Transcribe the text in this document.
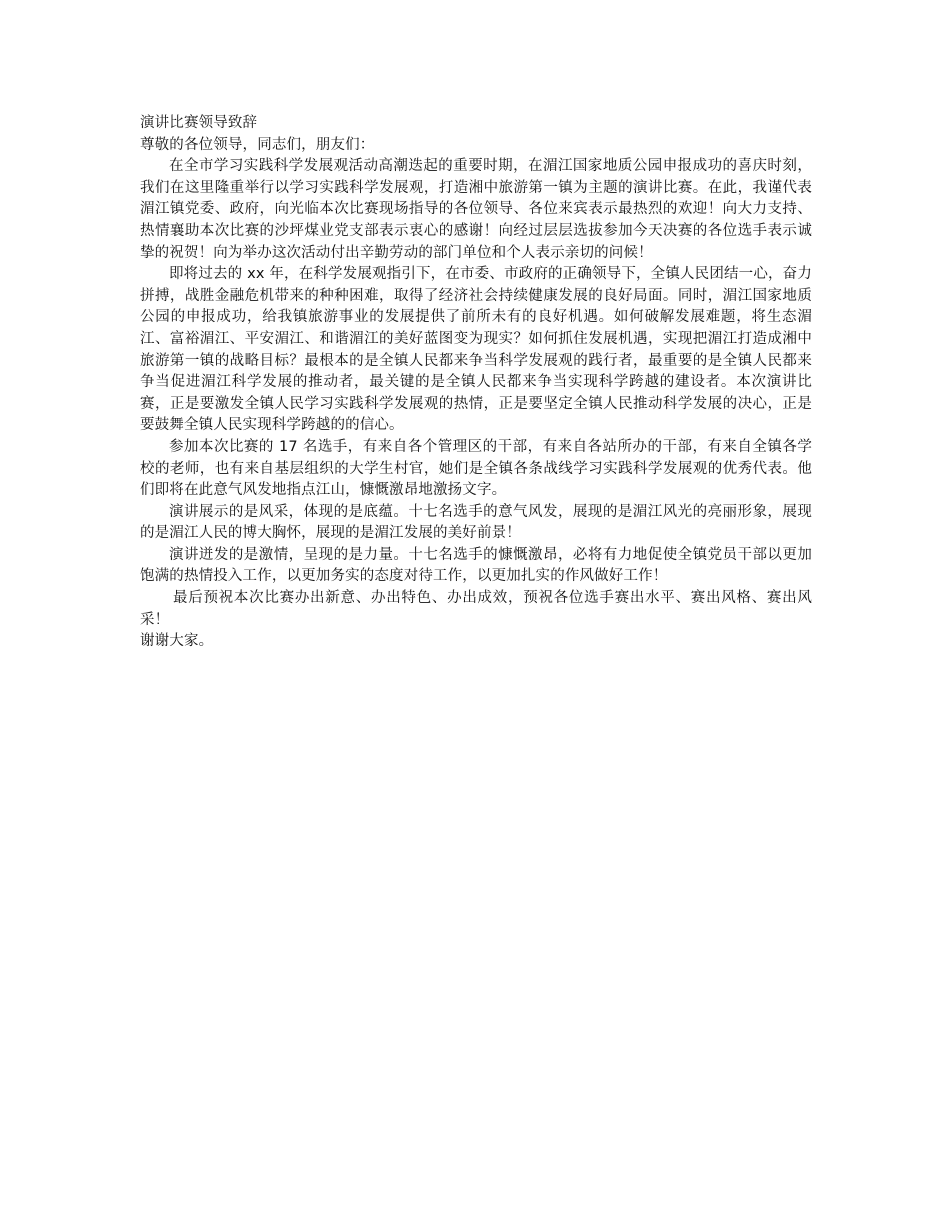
演讲比赛领导致辞

尊敬的各位领导，同志们，朋友们：

在全市学习实践科学发展观活动高潮迭起的重要时期，在湄江国家地质公园申报成功的喜庆时刻，我们在这里隆重举行以学习实践科学发展观，打造湘中旅游第一镇为主题的演讲比赛。在此，我谨代表湄江镇党委、政府，向光临本次比赛现场指导的各位领导、各位来宾表示最热烈的欢迎！向大力支持、热情襄助本次比赛的沙坪煤业党支部表示衷心的感谢！向经过层层选拔参加今天决赛的各位选手表示诚挚的祝贺！向为举办这次活动付出辛勤劳动的部门单位和个人表示亲切的问候！

即将过去的 xx 年，在科学发展观指引下，在市委、市政府的正确领导下，全镇人民团结一心，奋力拼搏，战胜金融危机带来的种种困难，取得了经济社会持续健康发展的良好局面。同时，湄江国家地质公园的申报成功，给我镇旅游事业的发展提供了前所未有的良好机遇。如何破解发展难题，将生态湄江、富裕湄江、平安湄江、和谐湄江的美好蓝图变为现实？如何抓住发展机遇，实现把湄江打造成湘中旅游第一镇的战略目标？最根本的是全镇人民都来争当科学发展观的践行者，最重要的是全镇人民都来争当促进湄江科学发展的推动者，最关键的是全镇人民都来争当实现科学跨越的建设者。本次演讲比赛，正是要激发全镇人民学习实践科学发展观的热情，正是要坚定全镇人民推动科学发展的决心，正是要鼓舞全镇人民实现科学跨越的的信心。

参加本次比赛的 17 名选手，有来自各个管理区的干部，有来自各站所办的干部，有来自全镇各学校的老师，也有来自基层组织的大学生村官，她们是全镇各条战线学习实践科学发展观的优秀代表。他们即将在此意气风发地指点江山，慷慨激昂地激扬文字。

演讲展示的是风采，体现的是底蕴。十七名选手的意气风发，展现的是湄江风光的亮丽形象，展现的是湄江人民的博大胸怀，展现的是湄江发展的美好前景！

演讲迸发的是激情，呈现的是力量。十七名选手的慷慨激昂，必将有力地促使全镇党员干部以更加饱满的热情投入工作，以更加务实的态度对待工作，以更加扎实的作风做好工作！

最后预祝本次比赛办出新意、办出特色、办出成效，预祝各位选手赛出水平、赛出风格、赛出风采！

谢谢大家。
